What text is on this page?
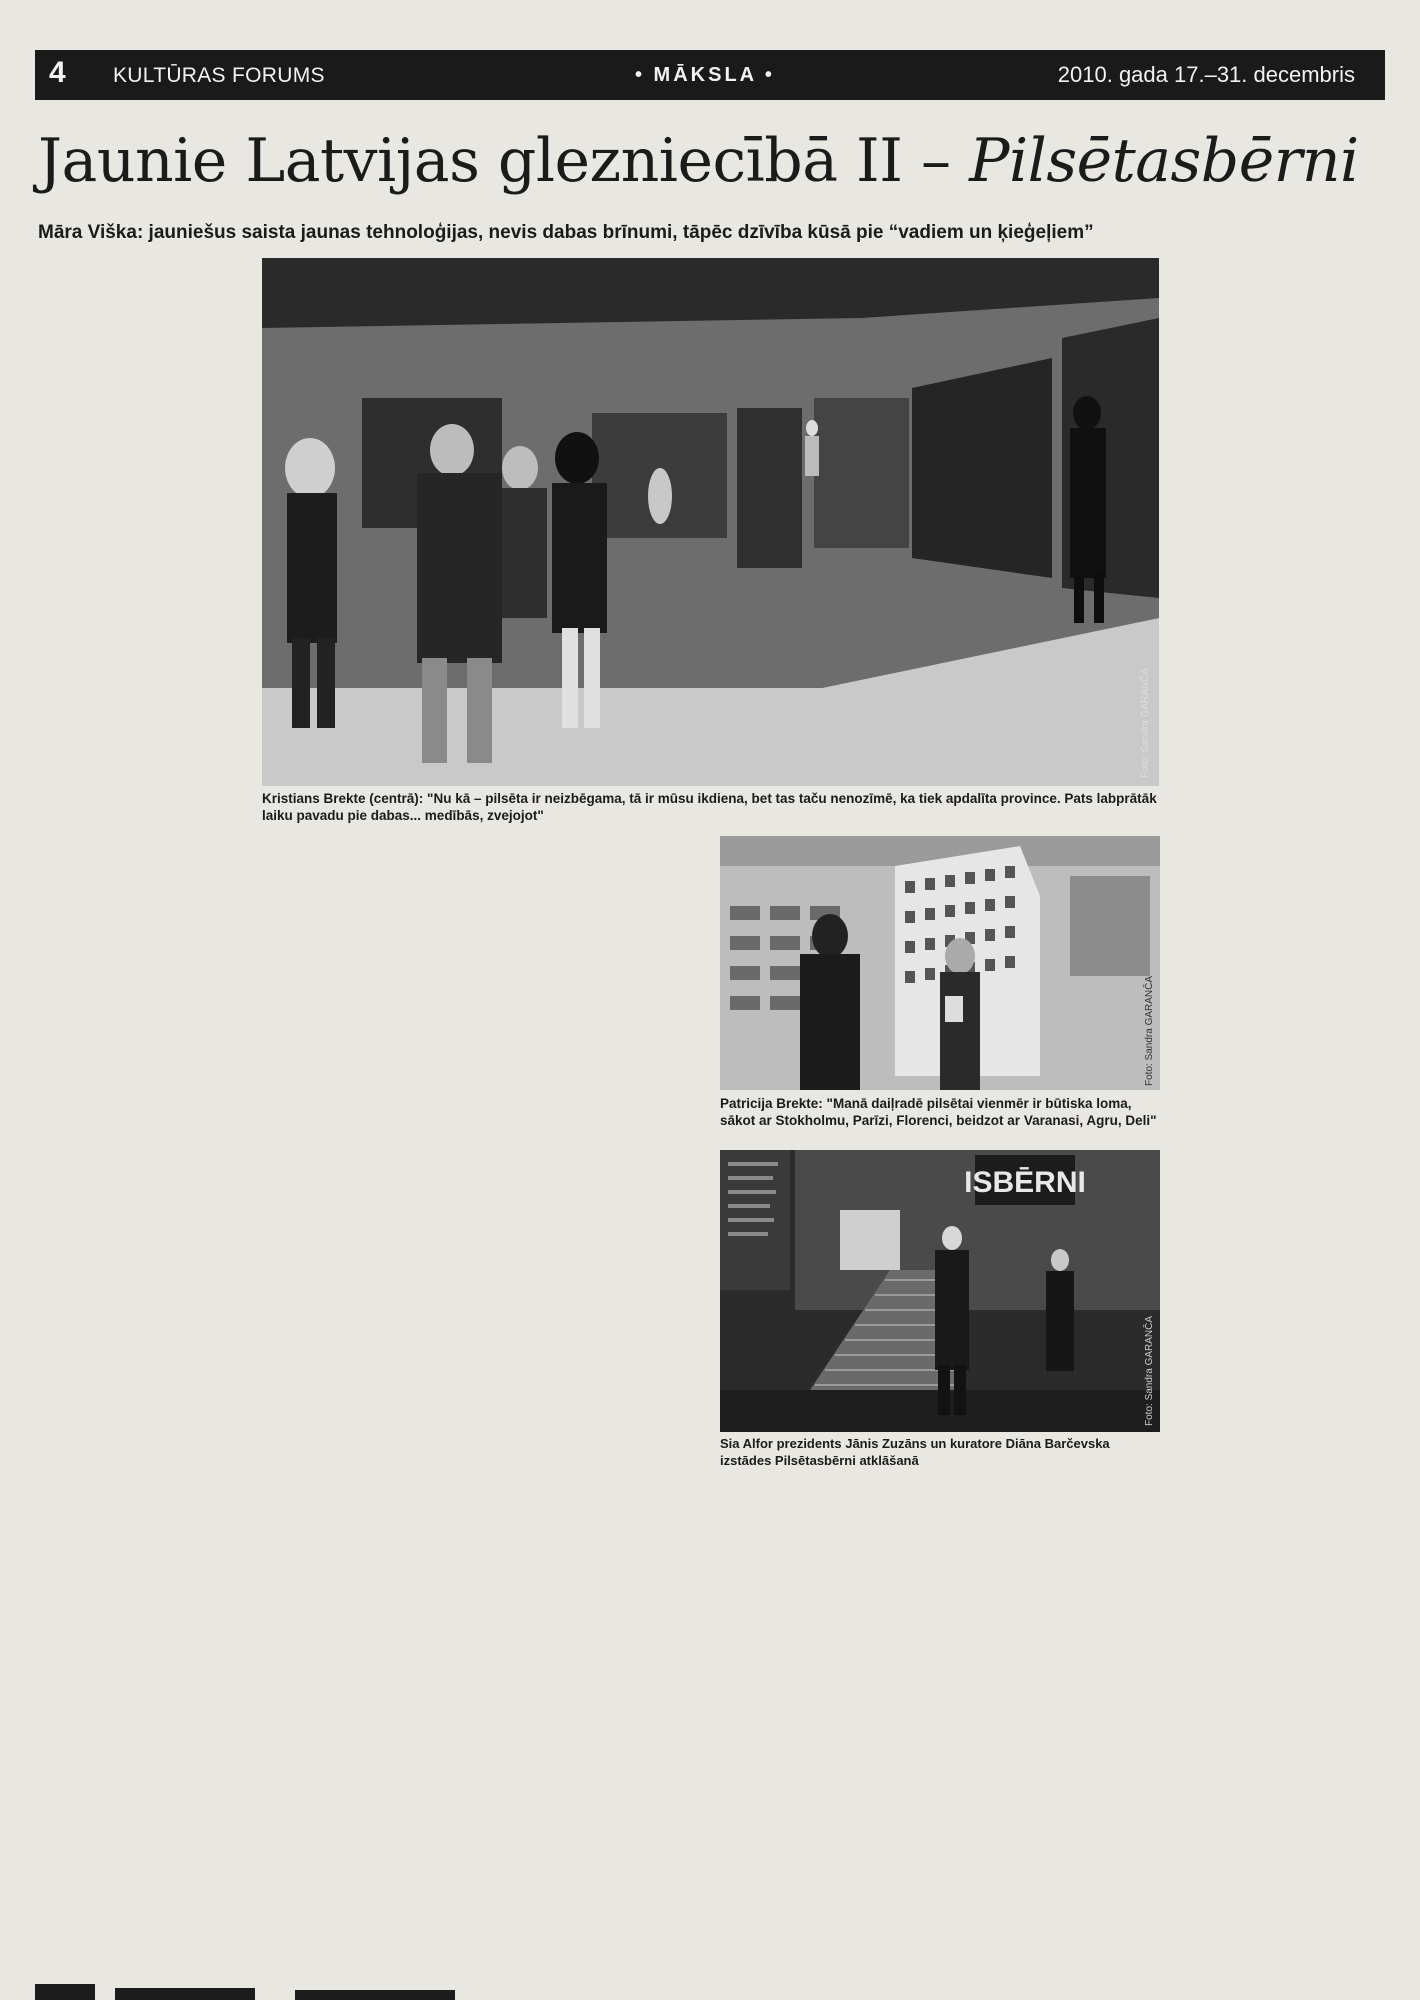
4 KULTŪRAS FORUMS	• MĀKSLA •	2010. gada 17.–31. decembris
Jaunie Latvijas glezniecībā II – Pilsētasbērni
Māra Viška: jauniešus saista jaunas tehnoloģijas, nevis dabas brīnumi, tāpēc dzīvība kūsā pie “vadiem un ķieģeļiem”
Foto: Sandra GARANČA
Kristians Brekte (centrā): "Nu kā – pilsēta ir neizbēgama, tā ir mūsu ikdiena, bet tas taču nenozīmē, ka tiek apdalīta province. Pats labprātāk laiku pavadu pie dabas... medībās, zvejojot"
Foto: Sandra GARANČA
Patricija Brekte: "Manā daiļradē pilsētai vienmēr ir būtiska loma, sākot ar Stokholmu, Parīzi, Florenci, beidzot ar Varanasi, Agru, Deli"
ISBĒRNI
Foto: Sandra GARANČA
Sia Alfor prezidents Jānis Zuzāns un kuratore Diāna Barčevska izstādes Pilsētasbērni atklāšanā
